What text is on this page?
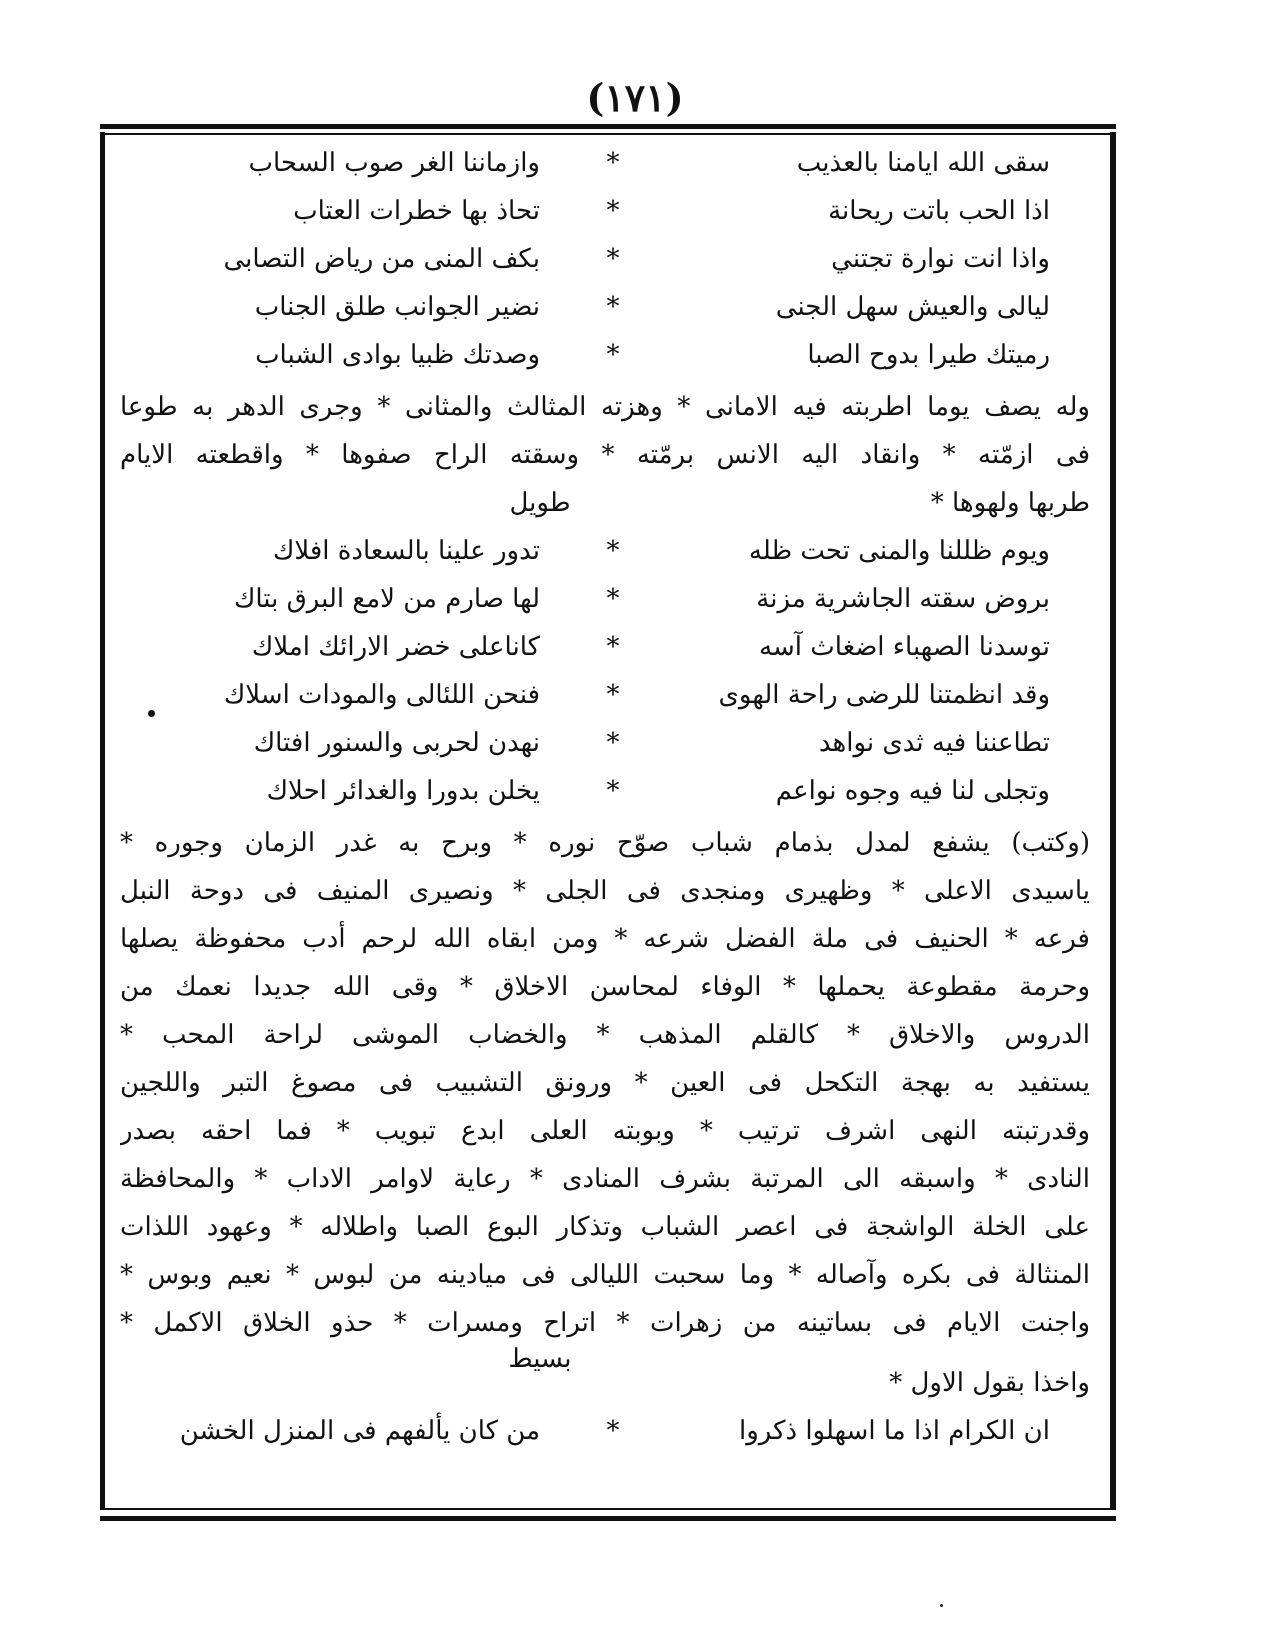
(١٧١)
سقى الله ايامنا بالعذيب
*
وازماننا الغر صوب السحاب
اذا الحب باتت ريحانة
*
تحاذ بها خطرات العتاب
واذا انت نوارة تجتني
*
بكف المنى من رياض التصابى
ليالى والعيش سهل الجنى
*
نضير الجوانب طلق الجناب
رميتك طيرا بدوح الصبا
*
وصدتك ظبيا بوادى الشباب
وله يصف يوما اطربته فيه الامانى * وهزته المثالث والمثانى * وجرى الدهر به طوعا
فى ازمّته * وانقاد اليه الانس برمّته * وسقته الراح صفوها * واقطعته الايام
طربها ولهوها *
طويل
ويوم ظللنا والمنى تحت ظله
*
تدور علينا بالسعادة افلاك
بروض سقته الجاشرية مزنة
*
لها صارم من لامع البرق بتاك
توسدنا الصهباء اضغاث آسه
*
كاناعلى خضر الارائك املاك
وقد انظمتنا للرضى راحة الهوى
*
فنحن اللئالى والمودات اسلاك
تطاعننا فيه ثدى نواهد
*
نهدن لحربى والسنور افتاك
وتجلى لنا فيه وجوه نواعم
*
يخلن بدورا والغدائر احلاك
(وكتب) يشفع لمدل بذمام شباب صوّح نوره * وبرح به غدر الزمان وجوره *
ياسيدى الاعلى * وظهيرى ومنجدى فى الجلى * ونصيرى المنيف فى دوحة النبل
فرعه * الحنيف فى ملة الفضل شرعه * ومن ابقاه الله لرحم أدب محفوظة يصلها
وحرمة مقطوعة يحملها * الوفاء لمحاسن الاخلاق * وقى الله جديدا نعمك من
الدروس والاخلاق * كالقلم المذهب * والخضاب الموشى لراحة المحب *
يستفيد به بهجة التكحل فى العين * ورونق التشبيب فى مصوغ التبر واللجين
وقدرتبته النهى اشرف ترتيب * وبوبته العلى ابدع تبويب * فما احقه بصدر
النادى * واسبقه الى المرتبة بشرف المنادى * رعاية لاوامر الاداب * والمحافظة
على الخلة الواشجة فى اعصر الشباب وتذكار البوع الصبا واطلاله * وعهود اللذات
المنثالة فى بكره وآصاله * وما سحبت الليالى فى ميادينه من لبوس * نعيم وبوس *
واجنت الايام فى بساتينه من زهرات * اتراح ومسرات * حذو الخلاق الاكمل *
واخذا بقول الاول *
بسيط
ان الكرام اذا ما اسهلوا ذكروا
*
من كان يألفهم فى المنزل الخشن
